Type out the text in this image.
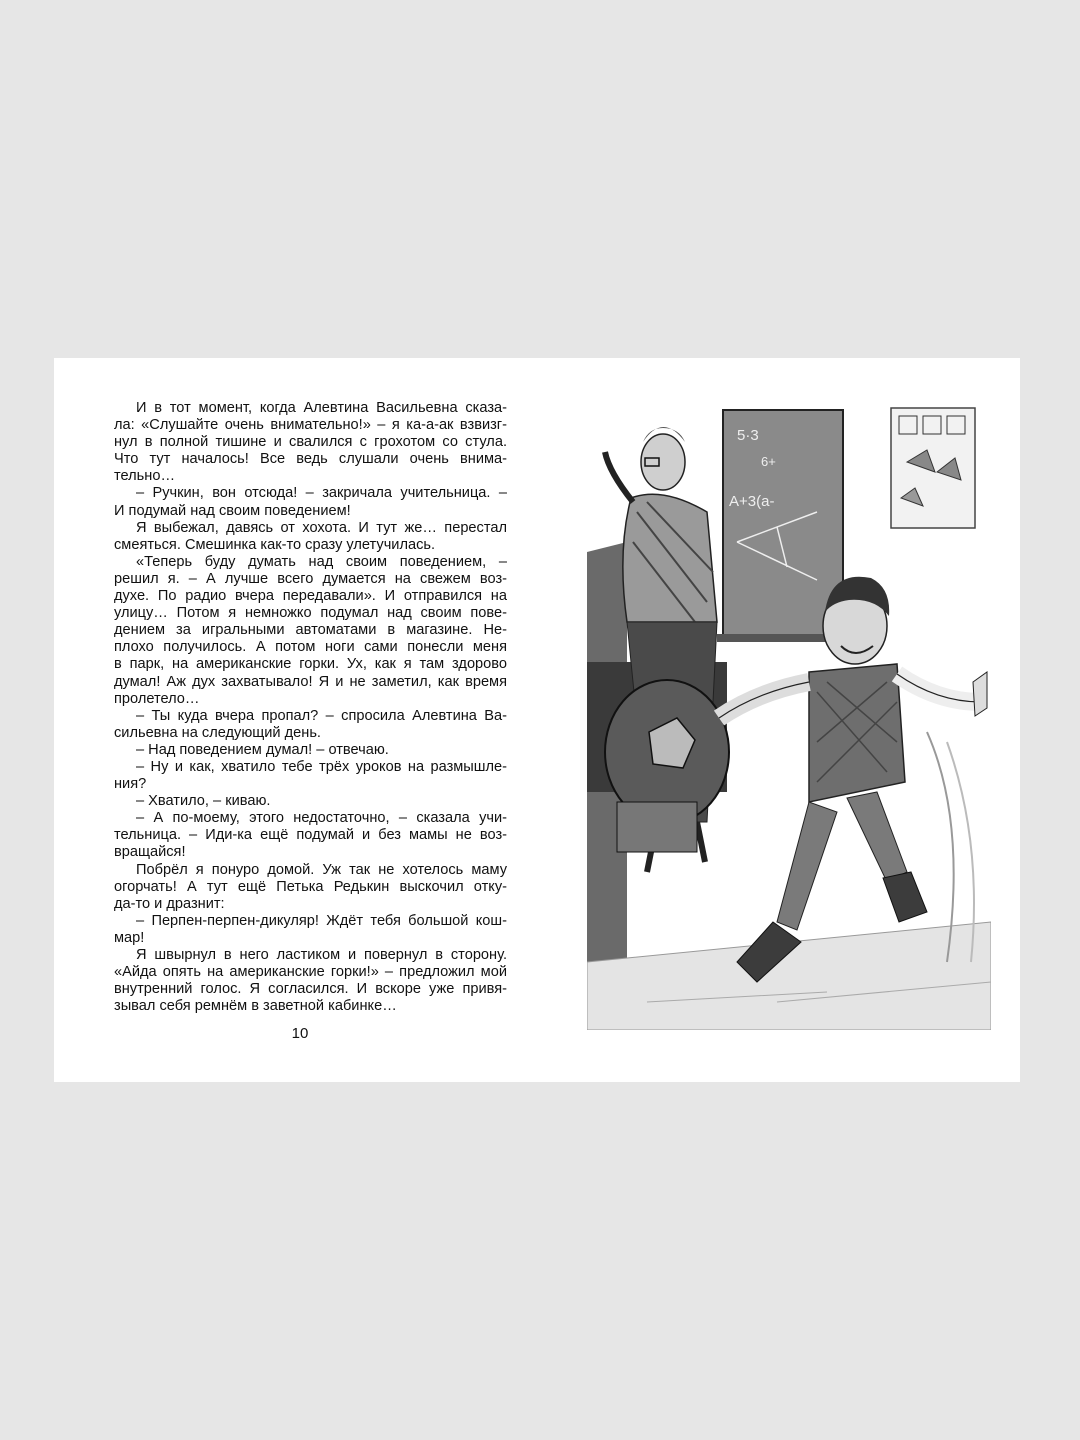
И в тот момент, когда Алевтина Васильевна сказа-
ла: «Слушайте очень внимательно!» – я ка-а-ак взвизг-
нул в полной тишине и свалился с грохотом со стула.
Что тут началось! Все ведь слушали очень внима-
тельно…
– Ручкин, вон отсюда! – закричала учительница. –
И подумай над своим поведением!
Я выбежал, давясь от хохота. И тут же… перестал
смеяться. Смешинка как-то сразу улетучилась.
«Теперь буду думать над своим поведением, –
решил я. – А лучше всего думается на свежем воз-
духе. По радио вчера передавали». И отправился на
улицу… Потом я немножко подумал над своим пове-
дением за игральными автоматами в магазине. Не-
плохо получилось. А потом ноги сами понесли меня
в парк, на американские горки. Ух, как я там здорово
думал! Аж дух захватывало! Я и не заметил, как время
пролетело…
– Ты куда вчера пропал? – спросила Алевтина Ва-
сильевна на следующий день.
– Над поведением думал! – отвечаю.
– Ну и как, хватило тебе трёх уроков на размышле-
ния?
– Хватило, – киваю.
– А по-моему, этого недостаточно, – сказала учи-
тельница. – Иди-ка ещё подумай и без мамы не воз-
вращайся!
Побрёл я понуро домой. Уж так не хотелось маму
огорчать! А тут ещё Петька Редькин выскочил отку-
да-то и дразнит:
– Перпен-перпен-дикуляр! Ждёт тебя большой кош-
мар!
Я швырнул в него ластиком и повернул в сторону.
«Айда опять на американские горки!» – предложил мой
внутренний голос. Я согласился. И вскоре уже привя-
зывал себя ремнём в заветной кабинке…
10
5·3
6+
A+3(a-
